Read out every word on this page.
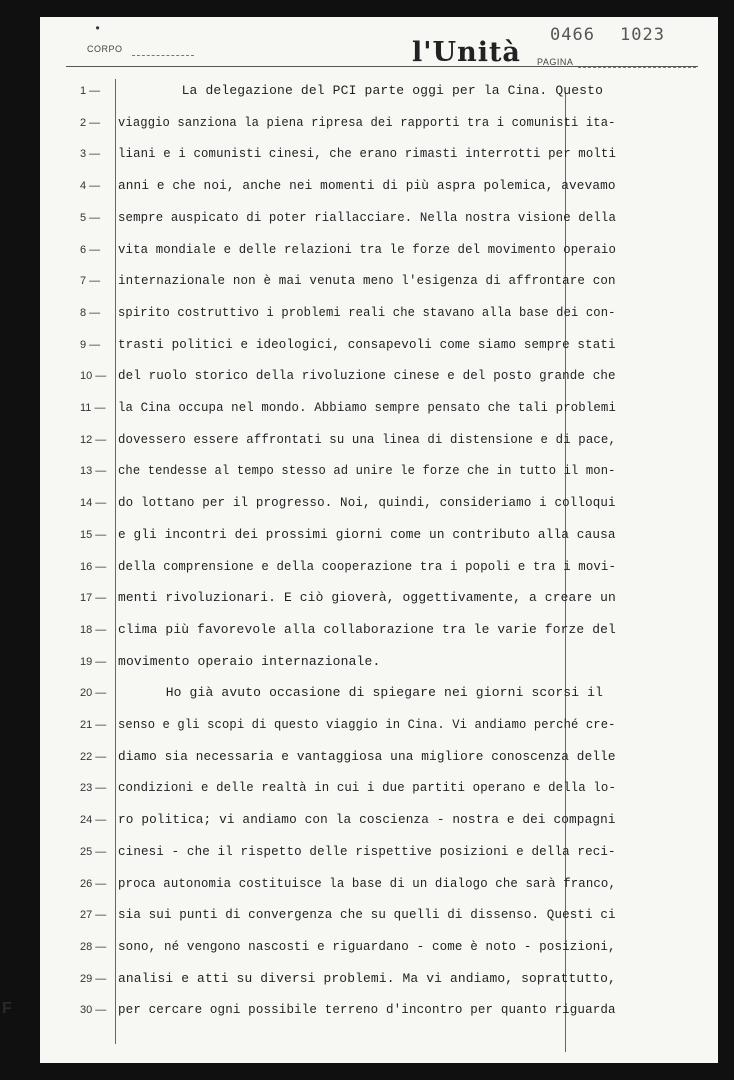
•
CORPO	l'Unità
0466 1023
PAGINA
1 —	La delegazione del PCI parte oggi per la Cina. Questo
2 —	viaggio sanziona la piena ripresa dei rapporti tra i comunisti ita-
3 —	liani e i comunisti cinesi, che erano rimasti interrotti per molti
4 —	anni e che noi, anche nei momenti di più aspra polemica, avevamo
5 —	sempre auspicato di poter riallacciare. Nella nostra visione della
6 —	vita mondiale e delle relazioni tra le forze del movimento operaio
7 —	internazionale non è mai venuta meno l'esigenza di affrontare con
8 —	spirito costruttivo i problemi reali che stavano alla base dei con-
9 —	trasti politici e ideologici, consapevoli come siamo sempre stati
10 — del ruolo storico della rivoluzione cinese e del posto grande che
11 — la Cina occupa nel mondo. Abbiamo sempre pensato che tali problemi
12 — dovessero essere affrontati su una linea di distensione e di pace,
13 — che tendesse al tempo stesso ad unire le forze che in tutto il mon-
14 — do lottano per il progresso. Noi, quindi, consideriamo i colloqui
15 — e gli incontri dei prossimi giorni come un contributo alla causa
16 — della comprensione e della cooperazione tra i popoli e tra i movi-
17 — menti rivoluzionari. E ciò gioverà, oggettivamente, a creare un
18 — clima più favorevole alla collaborazione tra le varie forze del
19 — movimento operaio internazionale.
20 — Ho già avuto occasione di spiegare nei giorni scorsi il
21 — senso e gli scopi di questo viaggio in Cina. Vi andiamo perché cre-
22 — diamo sia necessaria e vantaggiosa una migliore conoscenza delle
23 — condizioni e delle realtà in cui i due partiti operano e della lo-
24 — ro politica; vi andiamo con la coscienza - nostra e dei compagni
25 — cinesi - che il rispetto delle rispettive posizioni e della reci-
26 — proca autonomia costituisce la base di un dialogo che sarà franco,
27 — sia sui punti di convergenza che su quelli di dissenso. Questi ci
28 — sono, né vengono nascosti e riguardano - come è noto - posizioni,
29 — analisi e atti su diversi problemi. Ma vi andiamo, soprattutto,
30 — per cercare ogni possibile terreno d'incontro per quanto riguarda
F
